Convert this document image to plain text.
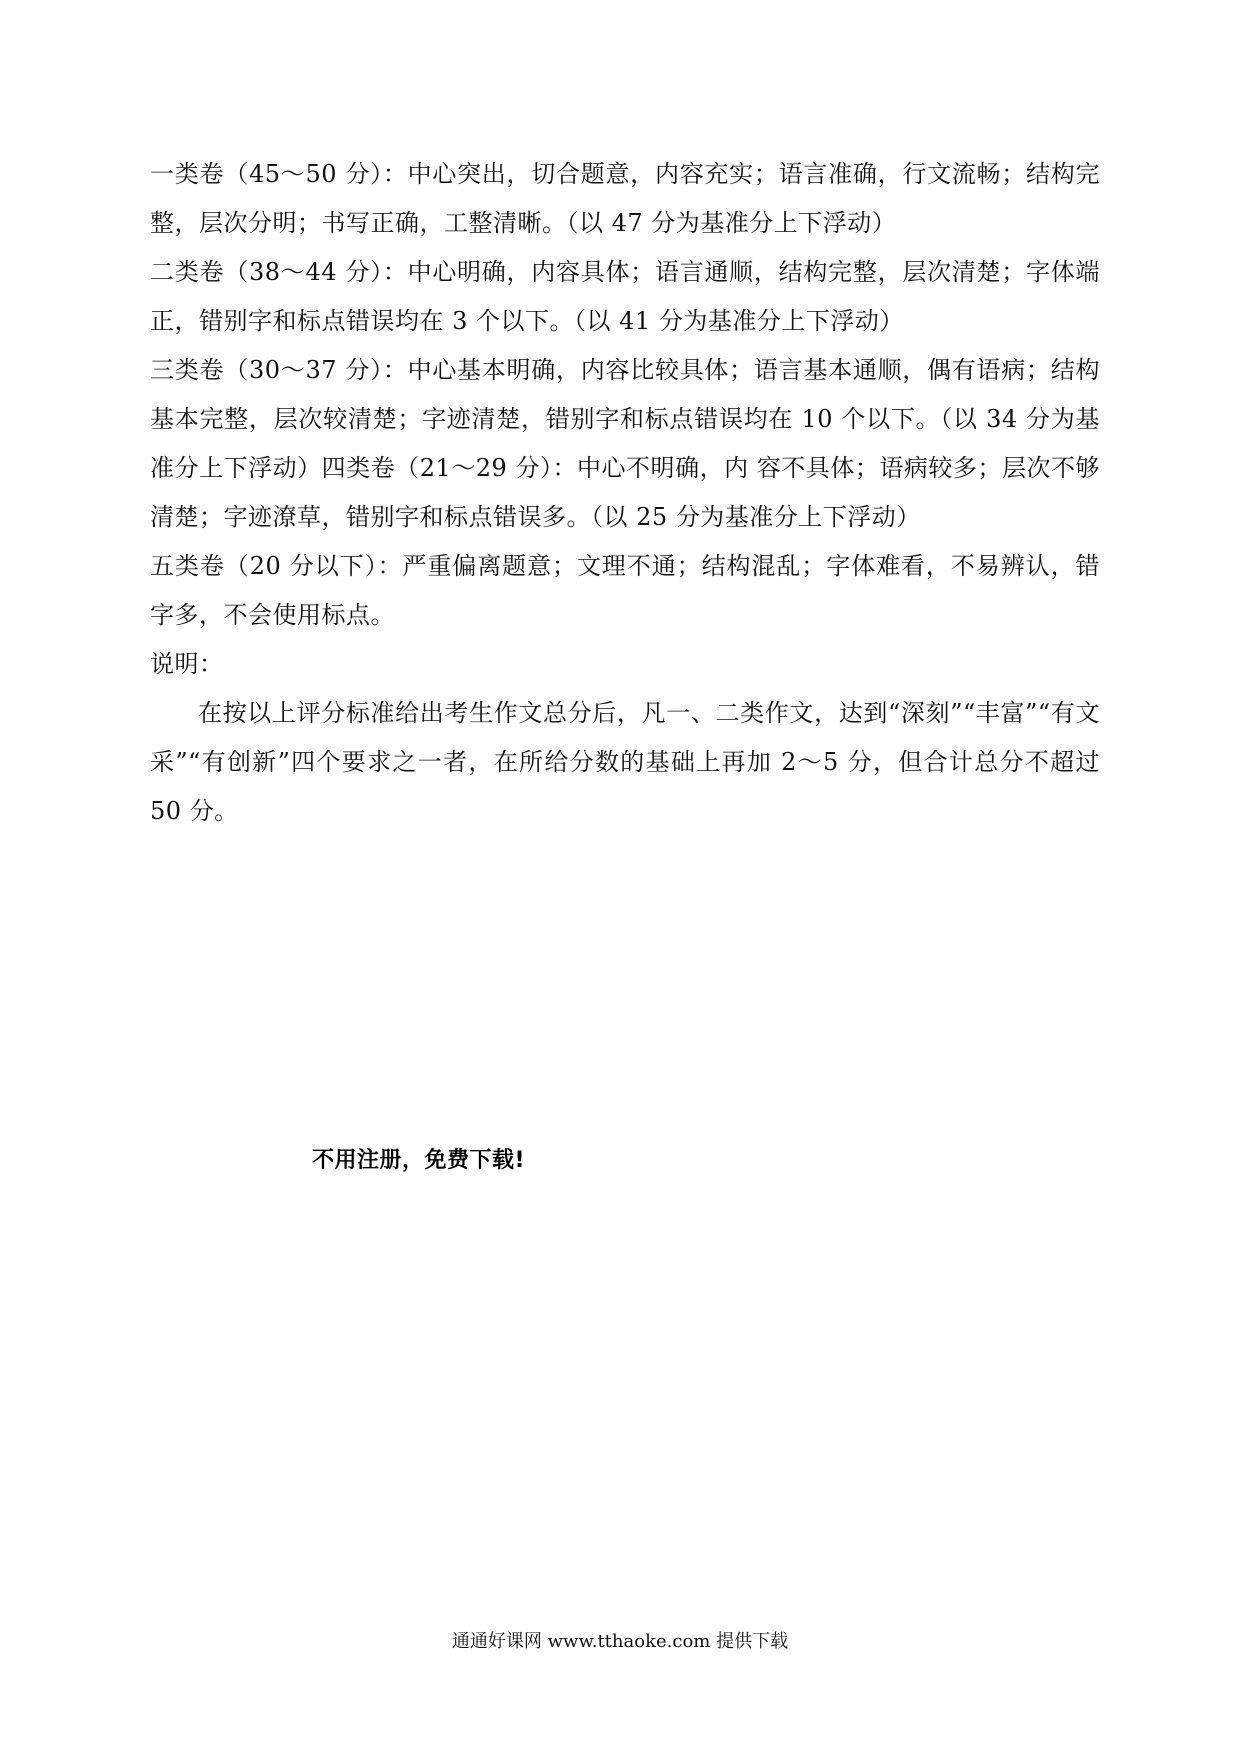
一类卷（45～50 分）：中心突出，切合题意，内容充实；语言准确，行文流畅；结构完整，层次分明；书写正确，工整清晰。（以 47 分为基准分上下浮动）

二类卷（38～44 分）：中心明确，内容具体；语言通顺，结构完整，层次清楚；字体端正，错别字和标点错误均在 3 个以下。（以 41 分为基准分上下浮动）

三类卷（30～37 分）：中心基本明确，内容比较具体；语言基本通顺，偶有语病；结构基本完整，层次较清楚；字迹清楚，错别字和标点错误均在 10 个以下。（以 34 分为基准分上下浮动）四类卷（21～29 分）：中心不明确，内 容不具体；语病较多；层次不够清楚；字迹潦草，错别字和标点错误多。（以 25 分为基准分上下浮动）

五类卷（20 分以下）：严重偏离题意；文理不通；结构混乱；字体难看，不易辨认，错字多，不会使用标点。

说明：

在按以上评分标准给出考生作文总分后，凡一、二类作文，达到“深刻”“丰富”“有文采”“有创新”四个要求之一者，在所给分数的基础上再加 2～5 分，但合计总分不超过 50 分。

不用注册，免费下载!
通通好课网 www.tthaoke.com 提供下载
